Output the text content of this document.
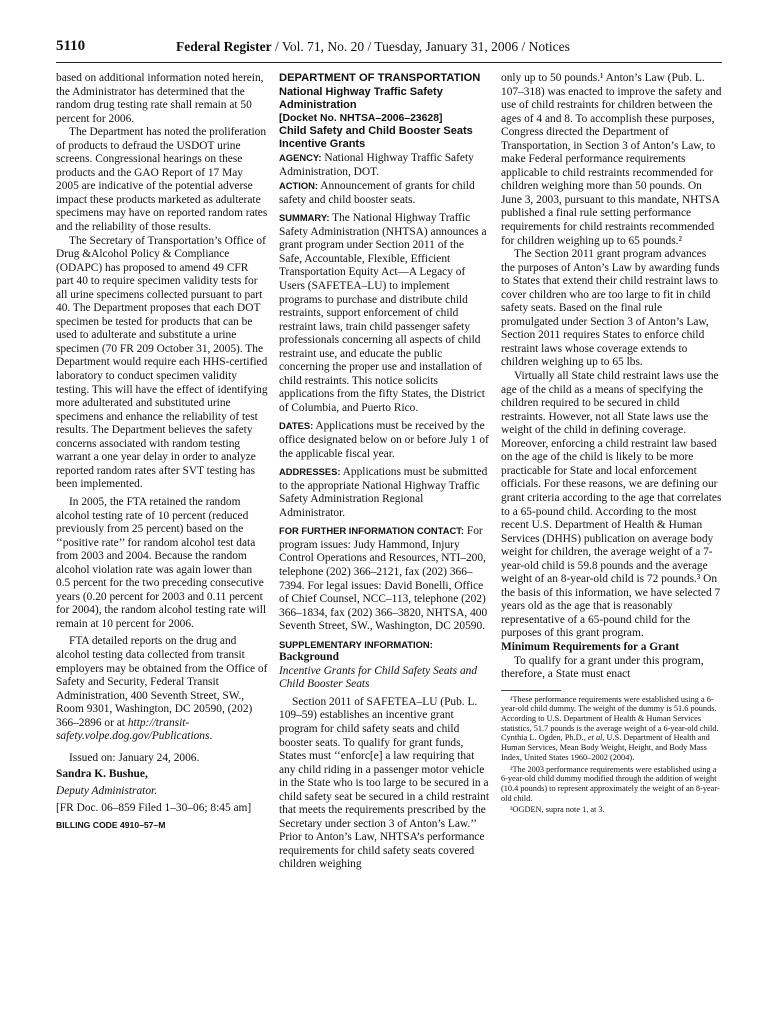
5110	Federal Register / Vol. 71, No. 20 / Tuesday, January 31, 2006 / Notices

based on additional information noted herein, the Administrator has determined that the random drug testing rate shall remain at 50 percent for 2006.

The Department has noted the proliferation of products to defraud the USDOT urine screens. Congressional hearings on these products and the GAO Report of 17 May 2005 are indicative of the potential adverse impact these products marketed as adulterate specimens may have on reported random rates and the reliability of those results.

The Secretary of Transportation’s Office of Drug &Alcohol Policy & Compliance (ODAPC) has proposed to amend 49 CFR part 40 to require specimen validity tests for all urine specimens collected pursuant to part 40. The Department proposes that each DOT specimen be tested for products that can be used to adulterate and substitute a urine specimen (70 FR 209 October 31, 2005). The Department would require each HHS-certified laboratory to conduct specimen validity testing. This will have the effect of identifying more adulterated and substituted urine specimens and enhance the reliability of test results. The Department believes the safety concerns associated with random testing warrant a one year delay in order to analyze reported random rates after SVT testing has been implemented.

In 2005, the FTA retained the random alcohol testing rate of 10 percent (reduced previously from 25 percent) based on the ‘‘positive rate’’ for random alcohol test data from 2003 and 2004. Because the random alcohol violation rate was again lower than 0.5 percent for the two preceding consecutive years (0.20 percent for 2003 and 0.11 percent for 2004), the random alcohol testing rate will remain at 10 percent for 2006.

FTA detailed reports on the drug and alcohol testing data collected from transit employers may be obtained from the Office of Safety and Security, Federal Transit Administration, 400 Seventh Street, SW., Room 9301, Washington, DC 20590, (202) 366–2896 or at http://transit-safety.volpe.dog.gov/Publications.

Issued on: January 24, 2006.

Sandra K. Bushue,

Deputy Administrator.

[FR Doc. 06–859 Filed 1–30–06; 8:45 am]

BILLING CODE 4910–57–M

DEPARTMENT OF TRANSPORTATION

National Highway Traffic Safety Administration

[Docket No. NHTSA–2006–23628]

Child Safety and Child Booster Seats Incentive Grants

AGENCY: National Highway Traffic Safety Administration, DOT.

ACTION: Announcement of grants for child safety and child booster seats.

SUMMARY: The National Highway Traffic Safety Administration (NHTSA) announces a grant program under Section 2011 of the Safe, Accountable, Flexible, Efficient Transportation Equity Act—A Legacy of Users (SAFETEA–LU) to implement programs to purchase and distribute child restraints, support enforcement of child restraint laws, train child passenger safety professionals concerning all aspects of child restraint use, and educate the public concerning the proper use and installation of child restraints. This notice solicits applications from the fifty States, the District of Columbia, and Puerto Rico.

DATES: Applications must be received by the office designated below on or before July 1 of the applicable fiscal year.

ADDRESSES: Applications must be submitted to the appropriate National Highway Traffic Safety Administration Regional Administrator.

FOR FURTHER INFORMATION CONTACT: For program issues: Judy Hammond, Injury Control Operations and Resources, NTI–200, telephone (202) 366–2121, fax (202) 366–7394. For legal issues: David Bonelli, Office of Chief Counsel, NCC–113, telephone (202) 366–1834, fax (202) 366–3820, NHTSA, 400 Seventh Street, SW., Washington, DC 20590.

SUPPLEMENTARY INFORMATION:

Background

Incentive Grants for Child Safety Seats and Child Booster Seats

Section 2011 of SAFETEA–LU (Pub. L. 109–59) establishes an incentive grant program for child safety seats and child booster seats. To qualify for grant funds, States must ‘‘enforc[e] a law requiring that any child riding in a passenger motor vehicle in the State who is too large to be secured in a child safety seat be secured in a child restraint that meets the requirements prescribed by the Secretary under section 3 of Anton’s Law.’’ Prior to Anton’s Law, NHTSA’s performance requirements for child safety seats covered children weighing

only up to 50 pounds.¹ Anton’s Law (Pub. L. 107–318) was enacted to improve the safety and use of child restraints for children between the ages of 4 and 8. To accomplish these purposes, Congress directed the Department of Transportation, in Section 3 of Anton’s Law, to make Federal performance requirements applicable to child restraints recommended for children weighing more than 50 pounds. On June 3, 2003, pursuant to this mandate, NHTSA published a final rule setting performance requirements for child restraints recommended for children weighing up to 65 pounds.²

The Section 2011 grant program advances the purposes of Anton’s Law by awarding funds to States that extend their child restraint laws to cover children who are too large to fit in child safety seats. Based on the final rule promulgated under Section 3 of Anton’s Law, Section 2011 requires States to enforce child restraint laws whose coverage extends to children weighing up to 65 lbs.

Virtually all State child restraint laws use the age of the child as a means of specifying the children required to be secured in child restraints. However, not all State laws use the weight of the child in defining coverage. Moreover, enforcing a child restraint law based on the age of the child is likely to be more practicable for State and local enforcement officials. For these reasons, we are defining our grant criteria according to the age that correlates to a 65-pound child. According to the most recent U.S. Department of Health & Human Services (DHHS) publication on average body weight for children, the average weight of a 7-year-old child is 59.8 pounds and the average weight of an 8-year-old child is 72 pounds.³ On the basis of this information, we have selected 7 years old as the age that is reasonably representative of a 65-pound child for the purposes of this grant program.

Minimum Requirements for a Grant

To qualify for a grant under this program, therefore, a State must enact

¹These performance requirements were established using a 6-year-old child dummy. The weight of the dummy is 51.6 pounds. According to U.S. Department of Health & Human Services statistics, 51.7 pounds is the average weight of a 6-year-old child. Cynthia L. Ogden, Ph.D., et al, U.S. Department of Health and Human Services, Mean Body Weight, Height, and Body Mass Index, United States 1960–2002 (2004).

²The 2003 performance requirements were established using a 6-year-old child dummy modified through the addition of weight (10.4 pounds) to represent approximately the weight of an 8-year-old child.

³OGDEN, supra note 1, at 3.
